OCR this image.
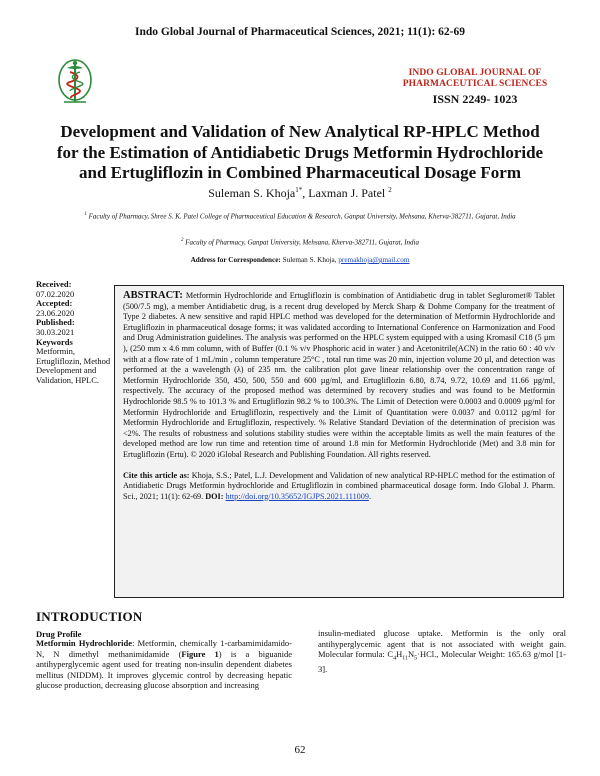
Indo Global Journal of Pharmaceutical Sciences, 2021; 11(1): 62-69
INDO GLOBAL JOURNAL OF
PHARMACEUTICAL SCIENCES
ISSN 2249- 1023
Development and Validation of New Analytical RP-HPLC Method
for the Estimation of Antidiabetic Drugs Metformin Hydrochloride
and Ertugliflozin in Combined Pharmaceutical Dosage Form
Suleman S. Khoja$^{1*}$, Laxman J. Patel $^2$
$^1$ Faculty of Pharmacy, Shree S. K. Patel College of Pharmaceutical Education & Research, Ganpat University, Mehsana, Kherva-382711, Gujarat, India
$^2$ Faculty of Pharmacy, Ganpat University, Mehsana, Kherva-382711, Gujarat, India
Address for Correspondence: Suleman S. Khoja, premakhoja@gmail.com
Received:
07.02.2020
Accepted:
23.06.2020
Published:
30.03.2021
Keywords
Metformin, Ertugliflozin, Method Development and Validation, HPLC.
ABSTRACT: Metformin Hydrochloride and Ertugliflozin is combination of Antidiabetic drug in tablet Segluromet® Tablet (500/7.5 mg), a member Antidiabetic drug, is a recent drug developed by Merck Sharp & Dohme Company for the treatment of Type 2 diabetes. A new sensitive and rapid HPLC method was developed for the determination of Metformin Hydrochloride and Ertugliflozin in pharmaceutical dosage forms; it was validated according to International Conference on Harmonization and Food and Drug Administration guidelines. The analysis was performed on the HPLC system equipped with a using Kromasil C18 (5 µm ), (250 mm x 4.6 mm column, with of Buffer (0.1 % v/v Phosphoric acid in water ) and Acetonitrile(ACN) in the ratio 60 : 40 v/v with at a flow rate of 1 mL/min , column temperature 25°C , total run time was 20 min, injection volume 20 µl, and detection was performed at the a wavelength (λ) of 235 nm. the calibration plot gave linear relationship over the concentration range of Metformin Hydrochloride 350, 450, 500, 550 and 600 µg/ml, and Ertugliflozin 6.80, 8.74, 9.72, 10.69 and 11.66 µg/ml, respectively. The accuracy of the proposed method was determined by recovery studies and was found to be Metformin Hydrochloride 98.5 % to 101.3 % and Ertugliflozin 98.2 % to 100.3%. The Limit of Detection were 0.0003 and 0.0009 µg/ml for Metformin Hydrochloride and Ertugliflozin, respectively and the Limit of Quantitation were 0.0037 and 0.0112 µg/ml for Metformin Hydrochloride and Ertugliflozin, respectively. % Relative Standard Deviation of the determination of precision was <2%. The results of robustness and solutions stability studies were within the acceptable limits as well the main features of the developed method are low run time and retention time of around 1.8 min for Metformin Hydrochloride (Met) and 3.8 min for Ertugliflozin (Ertu). © 2020 iGlobal Research and Publishing Foundation. All rights reserved.
Cite this article as: Khoja, S.S.; Patel, L.J. Development and Validation of new analytical RP-HPLC method for the estimation of Antidiabetic Drugs Metformin hydrochloride and Ertugliflozin in combined pharmaceutical dosage form. Indo Global J. Pharm. Sci., 2021; 11(1): 62-69. DOI: http://doi.org/10.35652/IGJPS.2021.111009.
INTRODUCTION
Drug Profile
Metformin Hydrochloride: Metformin, chemically 1-carbamimidamido-N, N dimethyl methanimidamide (Figure 1) is a biguanide antihyperglycemic agent used for treating non-insulin dependent diabetes mellitus (NIDDM). It improves glycemic control by decreasing hepatic glucose production, decreasing glucose absorption and increasing
insulin-mediated glucose uptake. Metformin is the only oral antihyperglycemic agent that is not associated with weight gain. Molecular formula: $C_4H_{11}N_5\cdot HCl$., Molecular Weight: 165.63 g/mol [1-3].
62
